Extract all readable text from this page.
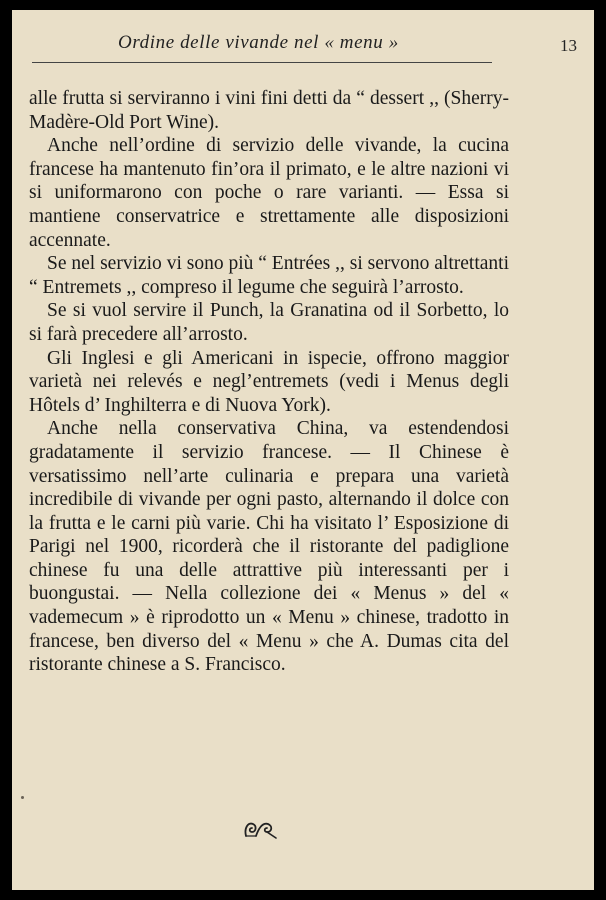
Ordine delle vivande nel « menu »	13

alle frutta si serviranno i vini fini detti da “ dessert ,, (Sherry-Madère-Old Port Wine).

Anche nell’ordine di servizio delle vivande, la cucina francese ha mantenuto fin’ora il primato, e le altre nazioni vi si uniformarono con poche o rare varianti. — Essa si mantiene conservatrice e strettamente alle disposizioni accennate.

Se nel servizio vi sono più “ Entrées ,, si servono altrettanti “ Entremets ,, compreso il legume che seguirà l’arrosto.

Se si vuol servire il Punch, la Granatina od il Sorbetto, lo si farà precedere all’arrosto.

Gli Inglesi e gli Americani in ispecie, offrono maggior varietà nei relevés e negl’entremets (vedi i Menus degli Hôtels d’ Inghilterra e di Nuova York).

Anche nella conservativa China, va estendendosi gradatamente il servizio francese. — Il Chinese è versatissimo nell’arte culinaria e prepara una varietà incredibile di vivande per ogni pasto, alternando il dolce con la frutta e le carni più varie. Chi ha visitato l’ Esposizione di Parigi nel 1900, ricorderà che il ristorante del padiglione chinese fu una delle attrattive più interessanti per i buongustai. — Nella collezione dei « Menus » del « vademecum » è riprodotto un « Menu » chinese, tradotto in francese, ben diverso del « Menu » che A. Dumas cita del ristorante chinese a S. Francisco.
